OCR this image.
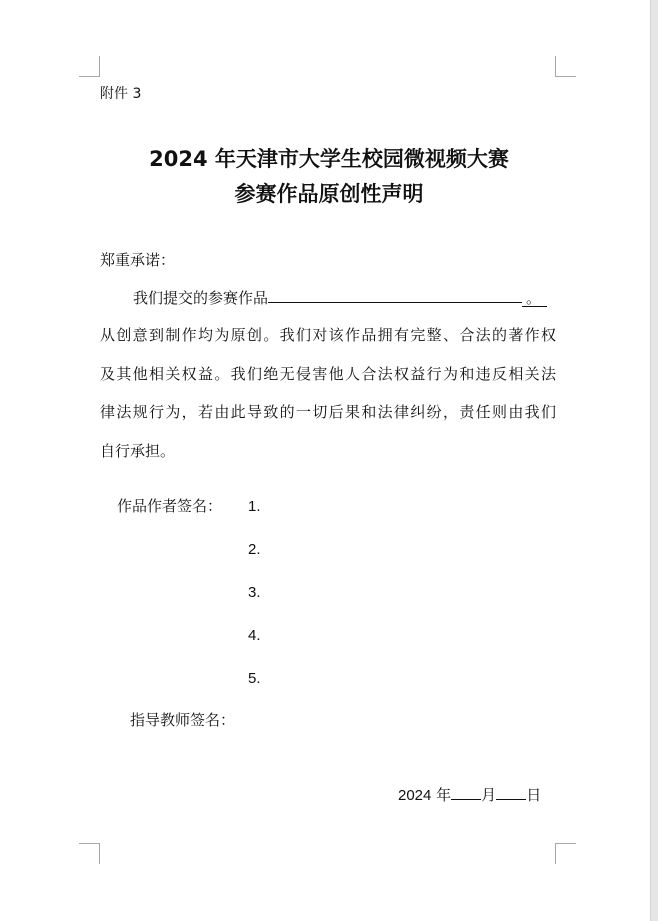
附件 3
2024 年天津市大学生校园微视频大赛
参赛作品原创性声明
郑重承诺：
我们提交的参赛作品	。
从创意到制作均为原创。我们对该作品拥有完整、合法的著作权
及其他相关权益。我们绝无侵害他人合法权益行为和违反相关法
律法规行为，若由此导致的一切后果和法律纠纷，责任则由我们
自行承担。
作品作者签名： 1.
2.
3.
4.
5.
指导教师签名：
2024 年 月 日
